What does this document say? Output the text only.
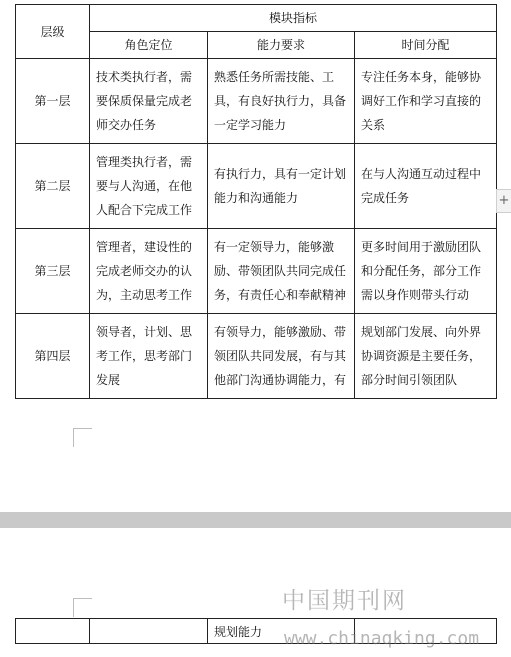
层级	模块指标		
	角色定位	能力要求	时间分配
第一层	技术类执行者，需要保质保量完成老师交办任务	熟悉任务所需技能、工具，有良好执行力，具备一定学习能力	专注任务本身，能够协调好工作和学习直接的关系

第二层	管理类执行者，需要与人沟通，在他人配合下完成工作	有执行力，具有一定计划能力和沟通能力	在与人沟通互动过程中完成任务

第三层	管理者，建设性的完成老师交办的认为，主动思考工作	有一定领导力，能够激励、带领团队共同完成任务，有责任心和奉献精神	更多时间用于激励团队和分配任务，部分工作需以身作则带头行动

第四层	领导者，计划、思考工作，思考部门发展	有领导力，能够激励、带领团队共同发展，有与其他部门沟通协调能力，有	规划部门发展、向外界协调资源是主要任务，部分时间引领团队
+
中国期刊网
		规划能力	www.chinaqking.com
